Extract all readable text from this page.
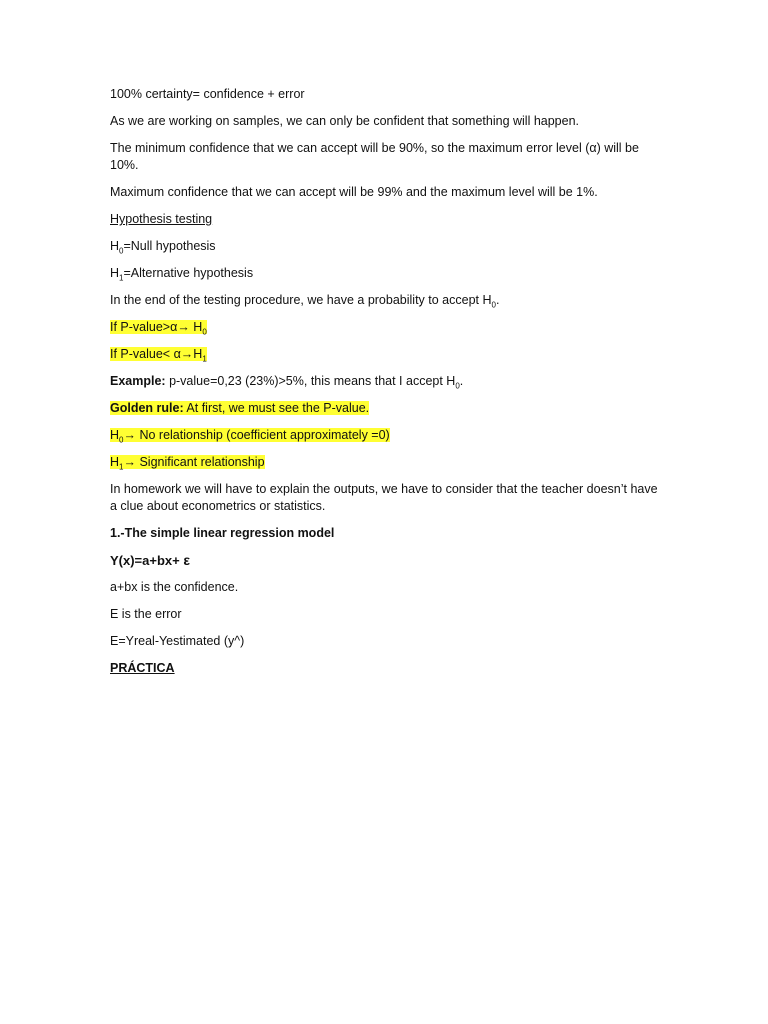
100% certainty= confidence + error

As we are working on samples, we can only be confident that something will happen.

The minimum confidence that we can accept will be 90%, so the maximum error level (α) will be 10%.

Maximum confidence that we can accept will be 99% and the maximum level will be 1%.

Hypothesis testing

$H_0=Null$ hypothesis

$H_1=Alternative$ hypothesis

In the end of the testing procedure, we have a probability to accept $H_0$.

If P-value>α→ $H_0$

If P-value< $\alpha\to H_1$

Example: p-value=0,23 (23%)>5%, this means that I accept $H_0$.

Golden rule: At first, we must see the P-value.

$H_0\to No$ relationship (coefficient approximately =0)

$H_1\to$ Significant relationship

In homework we will have to explain the outputs, we have to consider that the teacher doesn’t have a clue about econometrics or statistics.

1.-The simple linear regression model

Y(x)=a+bx+ ε

a+bx is the confidence.

E is the error

E=Yreal-Yestimated (y^)

PRÁCTICA
